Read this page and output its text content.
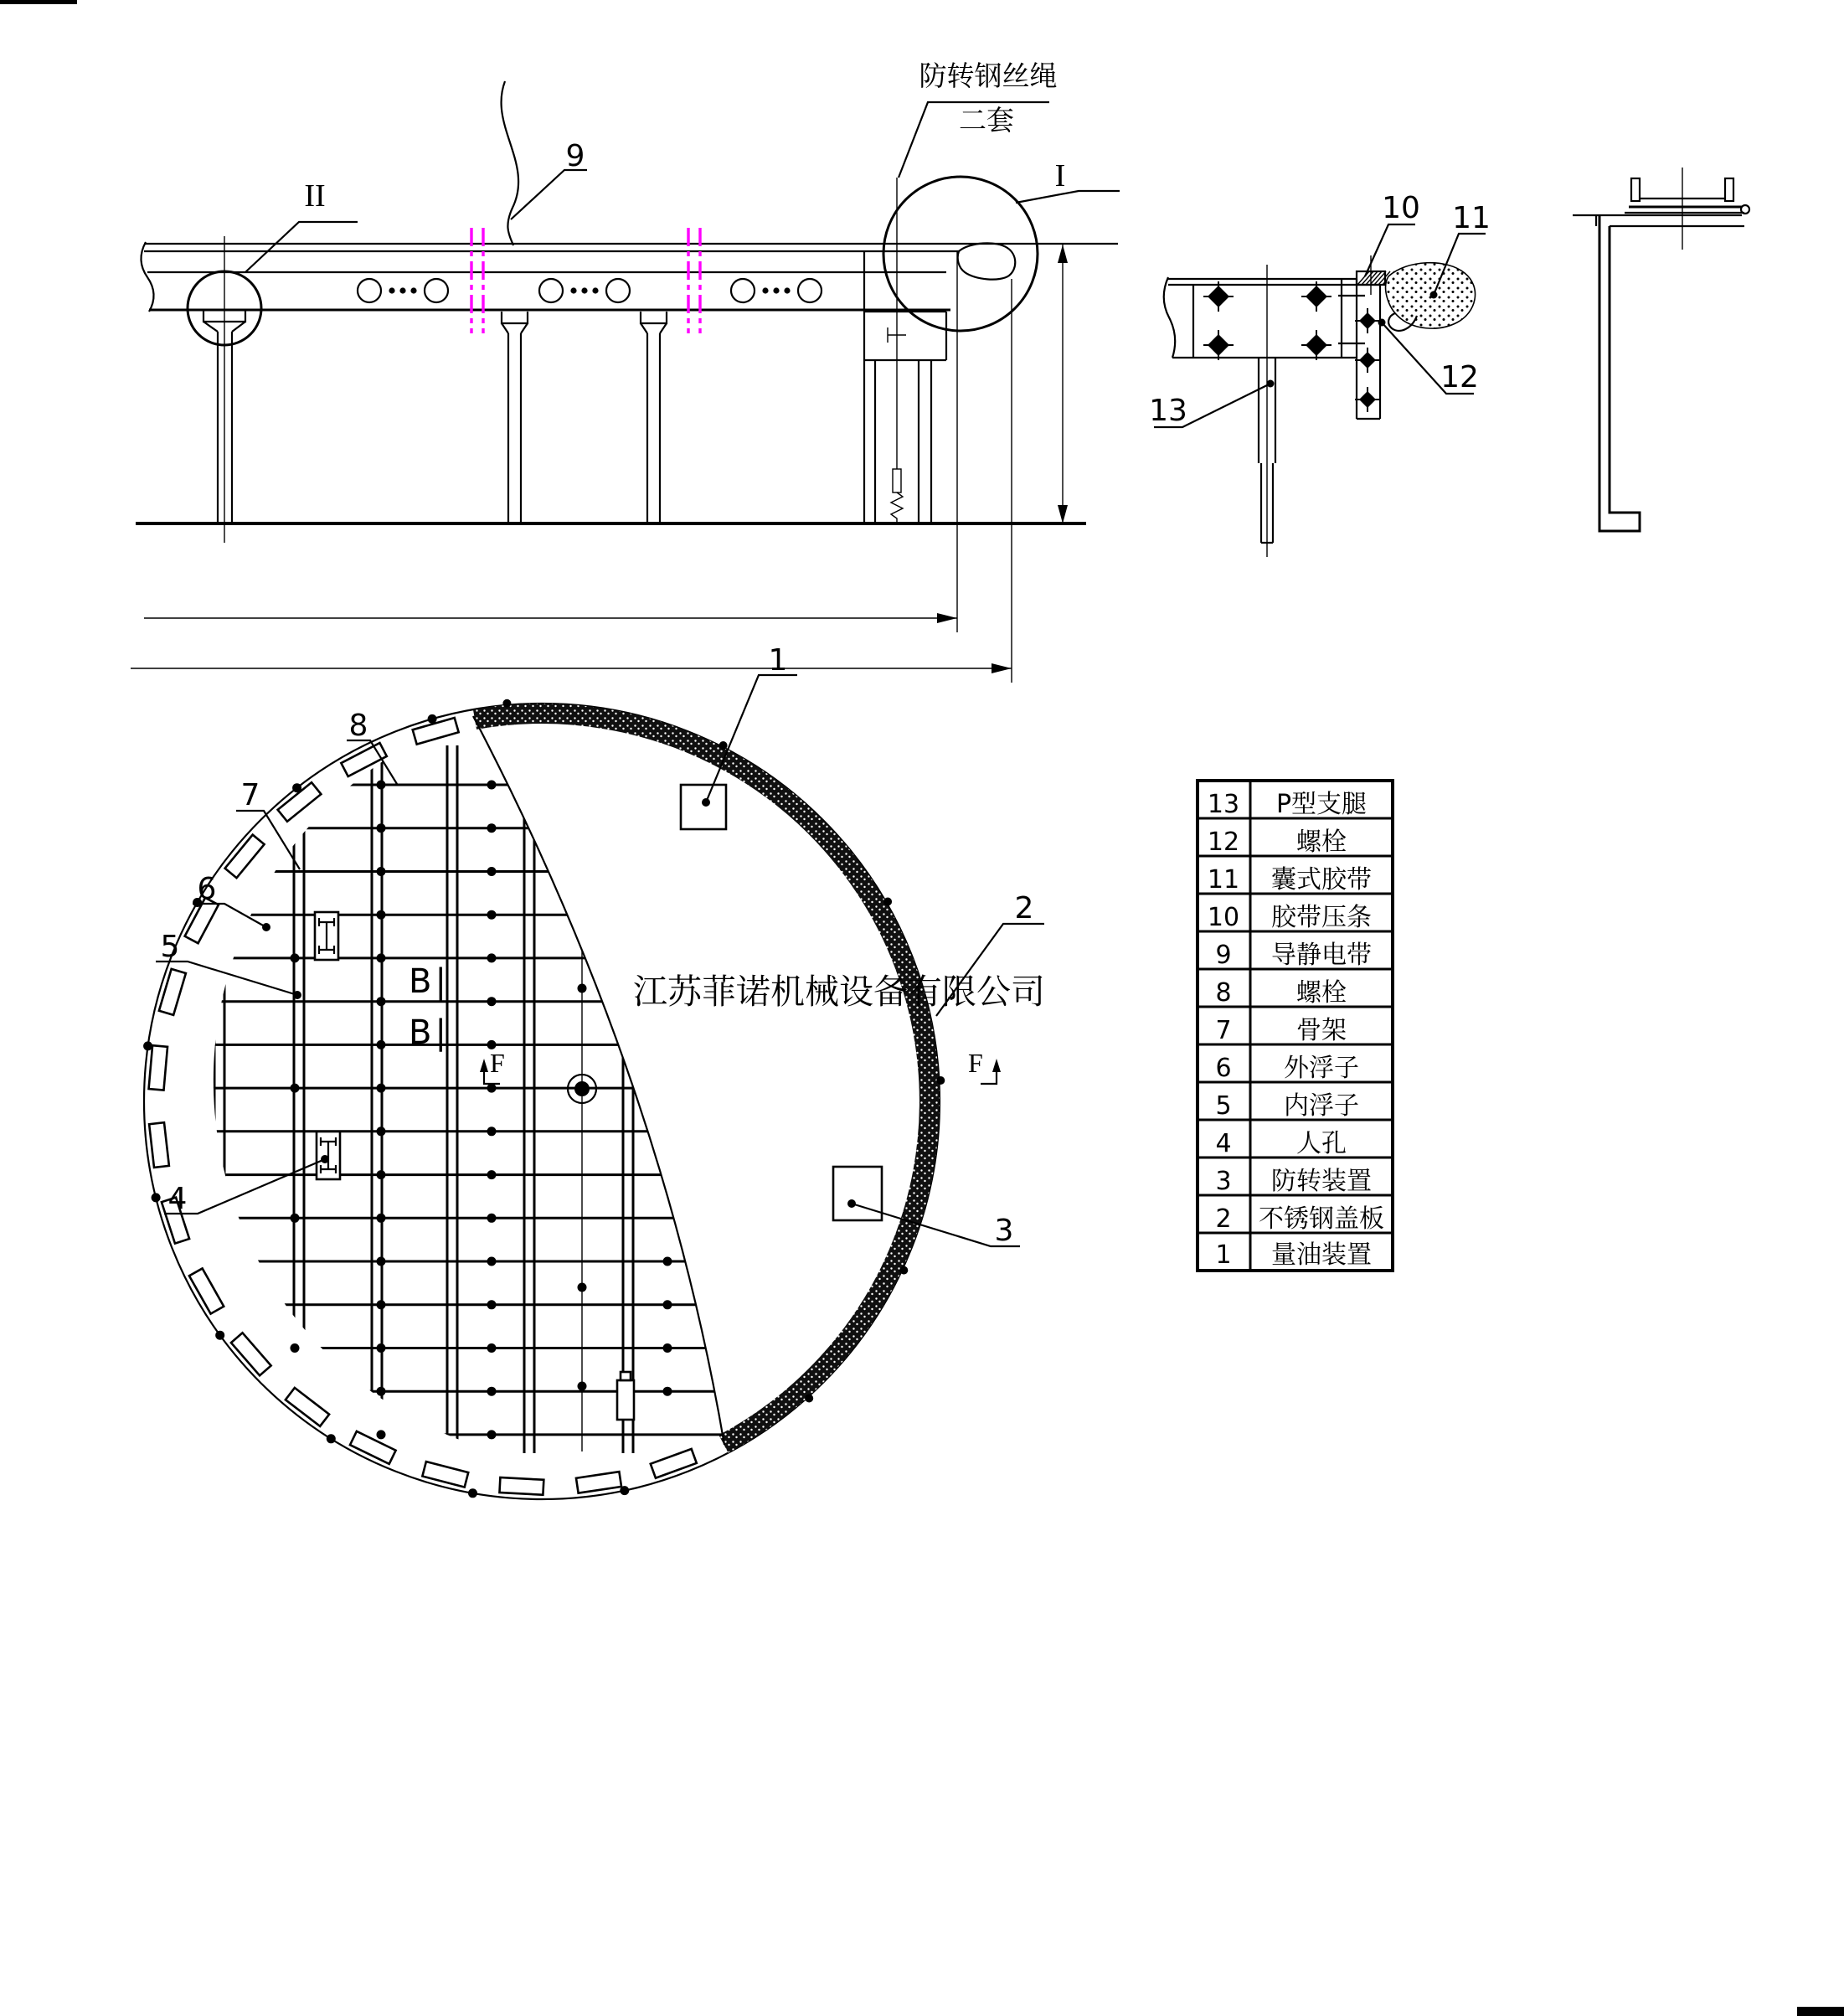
9
II
I
防转钢丝绳
二套
10 11
12
13
B|
B|
F	F
1
2
3
4
5
6
7
8
江苏菲诺机械设备有限公司
13 P型支腿
12 螺栓
11 囊式胶带
10 胶带压条
9 导静电带
8	螺栓
7	骨架
6 外浮子
5 内浮子
4	人孔
3 防转装置
2 不锈钢盖板
1 量油装置
